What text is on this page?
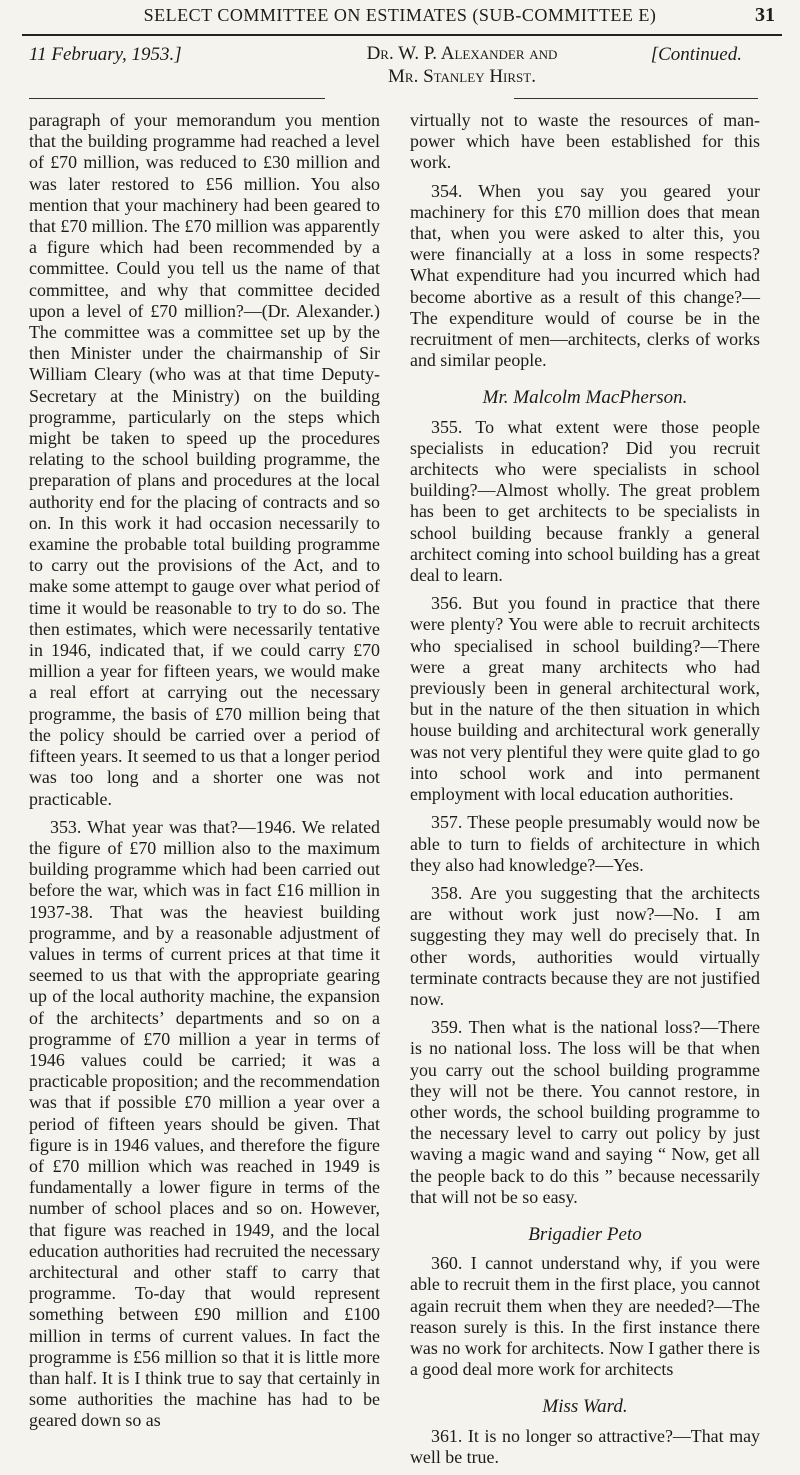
SELECT COMMITTEE ON ESTIMATES (SUB-COMMITTEE E)	31
11 February, 1953.]	Dr. W. P. Alexander and
Mr. Stanley Hirst.
[Continued.

paragraph of your memorandum you mention that the building programme had reached a level of £70 million, was reduced to £30 million and was later restored to £56 million. You also mention that your machinery had been geared to that £70 million. The £70 million was apparently a figure which had been recommended by a committee. Could you tell us the name of that committee, and why that committee decided upon a level of £70 million?—(Dr. Alexander.) The committee was a committee set up by the then Minister under the chairmanship of Sir William Cleary (who was at that time Deputy-Secretary at the Ministry) on the building programme, particularly on the steps which might be taken to speed up the procedures relating to the school building programme, the preparation of plans and procedures at the local authority end for the placing of contracts and so on. In this work it had occasion necessarily to examine the probable total building programme to carry out the provisions of the Act, and to make some attempt to gauge over what period of time it would be reasonable to try to do so. The then estimates, which were necessarily tentative in 1946, indicated that, if we could carry £70 million a year for fifteen years, we would make a real effort at carrying out the necessary programme, the basis of £70 million being that the policy should be carried over a period of fifteen years. It seemed to us that a longer period was too long and a shorter one was not practicable.

353. What year was that?—1946. We related the figure of £70 million also to the maximum building programme which had been carried out before the war, which was in fact £16 million in 1937-38. That was the heaviest building programme, and by a reasonable adjustment of values in terms of current prices at that time it seemed to us that with the appropriate gearing up of the local authority machine, the expansion of the architects’ departments and so on a programme of £70 million a year in terms of 1946 values could be carried; it was a practicable proposition; and the recommendation was that if possible £70 million a year over a period of fifteen years should be given. That figure is in 1946 values, and therefore the figure of £70 million which was reached in 1949 is fundamentally a lower figure in terms of the number of school places and so on. However, that figure was reached in 1949, and the local education authorities had recruited the necessary architectural and other staff to carry that programme. To-day that would represent something between £90 million and £100 million in terms of current values. In fact the programme is £56 million so that it is little more than half. It is I think true to say that certainly in some authorities the machine has had to be geared down so as

virtually not to waste the resources of man-power which have been established for this work.

354. When you say you geared your machinery for this £70 million does that mean that, when you were asked to alter this, you were financially at a loss in some respects? What expenditure had you incurred which had become abortive as a result of this change?—The expenditure would of course be in the recruitment of men—architects, clerks of works and similar people.

Mr. Malcolm MacPherson.

355. To what extent were those people specialists in education? Did you recruit architects who were specialists in school building?—Almost wholly. The great problem has been to get architects to be specialists in school building because frankly a general architect coming into school building has a great deal to learn.

356. But you found in practice that there were plenty? You were able to recruit architects who specialised in school building?—There were a great many architects who had previously been in general architectural work, but in the nature of the then situation in which house building and architectural work generally was not very plentiful they were quite glad to go into school work and into permanent employment with local education authorities.

357. These people presumably would now be able to turn to fields of architecture in which they also had knowledge?—Yes.

358. Are you suggesting that the architects are without work just now?—No. I am suggesting they may well do precisely that. In other words, authorities would virtually terminate contracts because they are not justified now.

359. Then what is the national loss?—There is no national loss. The loss will be that when you carry out the school building programme they will not be there. You cannot restore, in other words, the school building programme to the necessary level to carry out policy by just waving a magic wand and saying “ Now, get all the people back to do this ” because necessarily that will not be so easy.

Brigadier Peto

360. I cannot understand why, if you were able to recruit them in the first place, you cannot again recruit them when they are needed?—The reason surely is this. In the first instance there was no work for architects. Now I gather there is a good deal more work for architects

Miss Ward.

361. It is no longer so attractive?—That may well be true.
